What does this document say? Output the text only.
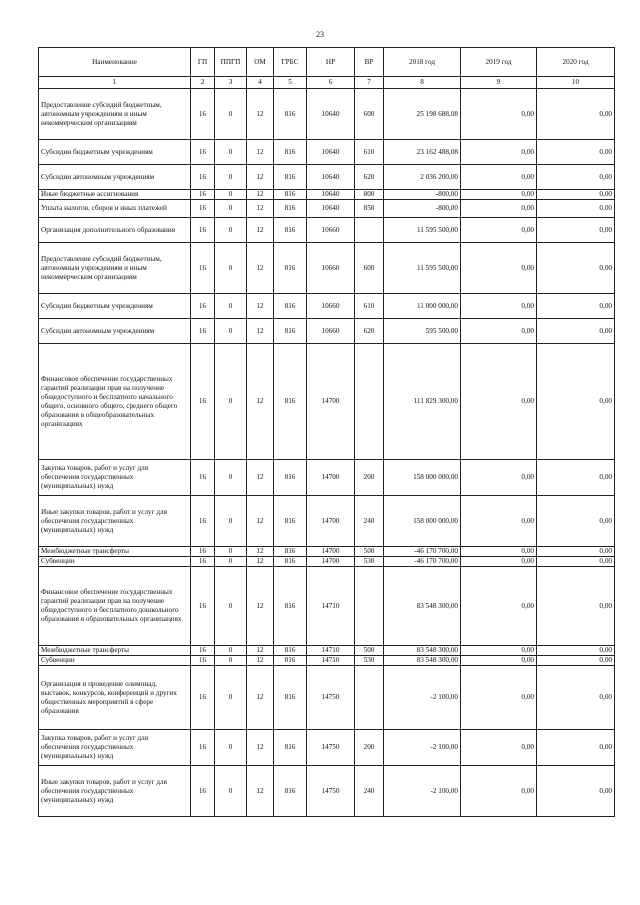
23
Наименование	ГП	ППГП	ОМ	ГРБС	НР	ВР	2018 год	2019 год	2020 год
1	2	3	4	5	6	7	8	9	10
Предоставление субсидий бюджетным, автономным учреждениям и иным некоммерческим организациям	16	0	12	816	10640	600	25 198 688,08	0,00	0,00
Субсидии бюджетным учреждениям	16	0	12	816	10640	610	23 162 488,08	0,00	0,00
Субсидии автономным учреждениям	16	0	12	816	10640	620	2 036 200,00	0,00	0,00
Иные бюджетные ассигнования	16	0	12	816	10640	800	-800,00	0,00	0,00
Уплата налогов, сборов и иных платежей	16	0	12	816	10640	850	-800,00	0,00	0,00
Организация дополнительного образования	16	0	12	816	10660		11 595 500,00	0,00	0,00
Предоставление субсидий бюджетным, автономным учреждениям и иным некоммерческим организациям	16	0	12	816	10660	600	11 595 500,00	0,00	0,00
Субсидии бюджетным учреждениям	16	0	12	816	10660	610	11 000 000,00	0,00	0,00
Субсидии автономным учреждениям	16	0	12	816	10660	620	595 500,00	0,00	0,00
Финансовое обеспечение государственных гарантий реализации прав на получение общедоступного и бесплатного начального общего, основного общего, среднего общего образования в общеобразовательных организациях	16	0	12	816	14700		111 829 300,00	0,00	0,00
Закупка товаров, работ и услуг для обеспечения государственных (муниципальных) нужд	16	0	12	816	14700	200	158 000 000,00	0,00	0,00
Иные закупки товаров, работ и услуг для обеспечения государственных (муниципальных) нужд	16	0	12	816	14700	240	158 000 000,00	0,00	0,00
Межбюджетные трансферты	16	0	12	816	14700	500	-46 170 700,00	0,00	0,00
Субвенции	16	0	12	816	14700	530	-46 170 700,00	0,00	0,00
Финансовое обеспечение государственных гарантий реализации прав на получение общедоступного и бесплатного дошкольного образования в образовательных организациях	16	0	12	816	14710		83 548 300,00	0,00	0,00
Межбюджетные трансферты	16	0	12	816	14710	500	83 548 300,00	0,00	0,00
Субвенции	16	0	12	816	14710	530	83 548 300,00	0,00	0,00
Организация и проведение олимпиад, выставок, конкурсов, конференций и других общественных мероприятий в сфере образования	16	0	12	816	14750		-2 100,00	0,00	0,00
Закупка товаров, работ и услуг для обеспечения государственных (муниципальных) нужд	16	0	12	816	14750	200	-2 100,00	0,00	0,00
Иные закупки товаров, работ и услуг для обеспечения государственных (муниципальных) нужд	16	0	12	816	14750	240	-2 100,00	0,00	0,00
